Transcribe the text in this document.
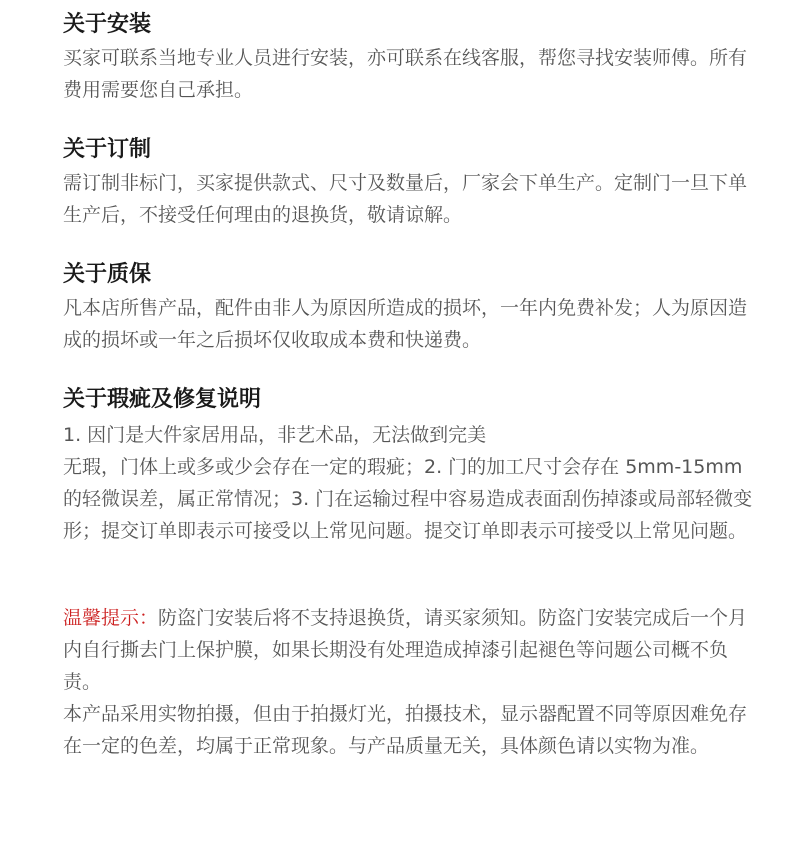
关于安装

买家可联系当地专业人员进行安装，亦可联系在线客服，帮您寻找安装师傅。所有费用需要您自己承担。

关于订制

需订制非标门，买家提供款式、尺寸及数量后，厂家会下单生产。定制门一旦下单生产后，不接受任何理由的退换货，敬请谅解。

关于质保

凡本店所售产品，配件由非人为原因所造成的损坏，一年内免费补发；人为原因造成的损坏或一年之后损坏仅收取成本费和快递费。

关于瑕疵及修复说明

1. 因门是大件家居用品，非艺术品，无法做到完美

无瑕，门体上或多或少会存在一定的瑕疵；2. 门的加工尺寸会存在 5mm-15mm 的轻微误差，属正常情况；3. 门在运输过程中容易造成表面刮伤掉漆或局部轻微变形；提交订单即表示可接受以上常见问题。提交订单即表示可接受以上常见问题。

温馨提示：防盗门安装后将不支持退换货，请买家须知。防盗门安装完成后一个月内自行撕去门上保护膜，如果长期没有处理造成掉漆引起褪色等问题公司概不负责。

本产品采用实物拍摄，但由于拍摄灯光，拍摄技术，显示器配置不同等原因难免存在一定的色差，均属于正常现象。与产品质量无关，具体颜色请以实物为准。
